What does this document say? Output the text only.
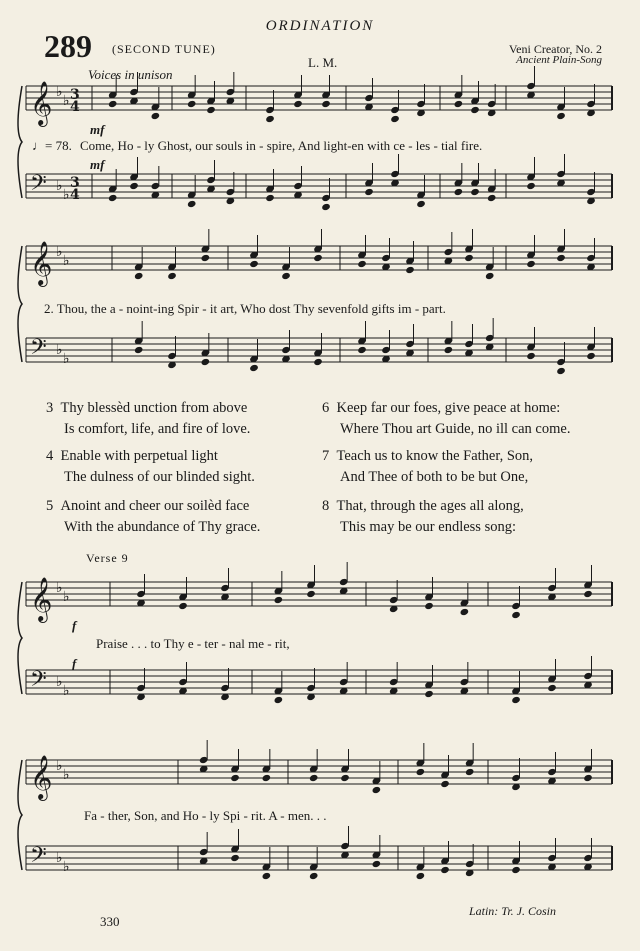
ORDINATION
289 (SECOND TUNE)
L. M.
Veni Creator, No. 2
Ancient Plain-Song
Voices in unison
𝄞 ♭
♭
𝄢 ♭
♭
𝄞 ♭
♭
𝄢 ♭
♭
𝄞 ♭
♭
𝄢 ♭
♭
𝄞 ♭
♭
𝄢 ♭
♭
3
4
3
4
mf
♩= 78. Come, Ho - ly Ghost, our souls in - spire, And light-en with ce - les - tial fire.
mf
2. Thou, the a - noint-ing Spir - it art, Who dost Thy sevenfold gifts im - part.
3 Thy blessèd unction from above
Is comfort, life, and fire of love.
4 Enable with perpetual light
The dulness of our blinded sight.
5 Anoint and cheer our soilèd face
With the abundance of Thy grace.
6 Keep far our foes, give peace at home:
Where Thou art Guide, no ill can come.
7 Teach us to know the Father, Son,
And Thee of both to be but One,
8 That, through the ages all along,
This may be our endless song:
Verse 9
f
Praise . . . to Thy e - ter - nal me - rit,
f
Fa - ther, Son, and Ho - ly Spi - rit. A - men. . .
330
Latin: Tr. J. Cosin
